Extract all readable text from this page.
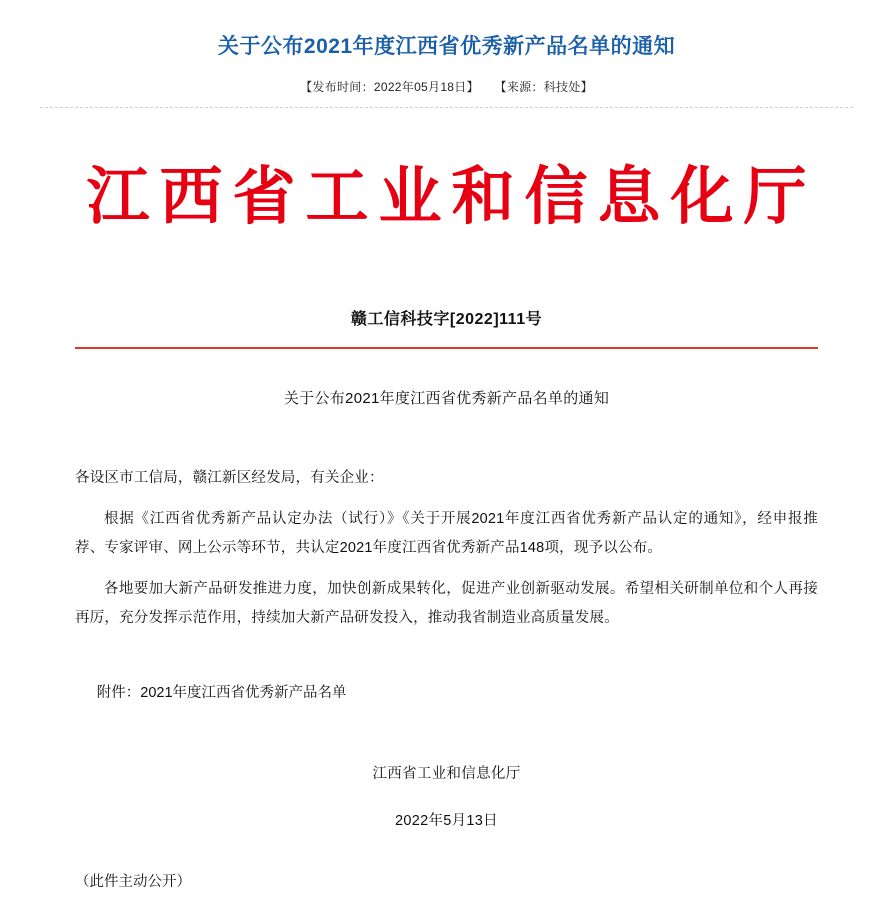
关于公布2021年度江西省优秀新产品名单的通知
【发布时间：2022年05月18日】 【来源：科技处】
江西省工业和信息化厅
赣工信科技字[2022]111号
关于公布2021年度江西省优秀新产品名单的通知

各设区市工信局，赣江新区经发局，有关企业：

根据《江西省优秀新产品认定办法（试行）》《关于开展2021年度江西省优秀新产品认定的通知》，经申报推荐、专家评审、网上公示等环节，共认定2021年度江西省优秀新产品148项，现予以公布。

各地要加大新产品研发推进力度，加快创新成果转化，促进产业创新驱动发展。希望相关研制单位和个人再接再厉，充分发挥示范作用，持续加大新产品研发投入，推动我省制造业高质量发展。

附件：2021年度江西省优秀新产品名单
江西省工业和信息化厅
2022年5月13日
（此件主动公开）
